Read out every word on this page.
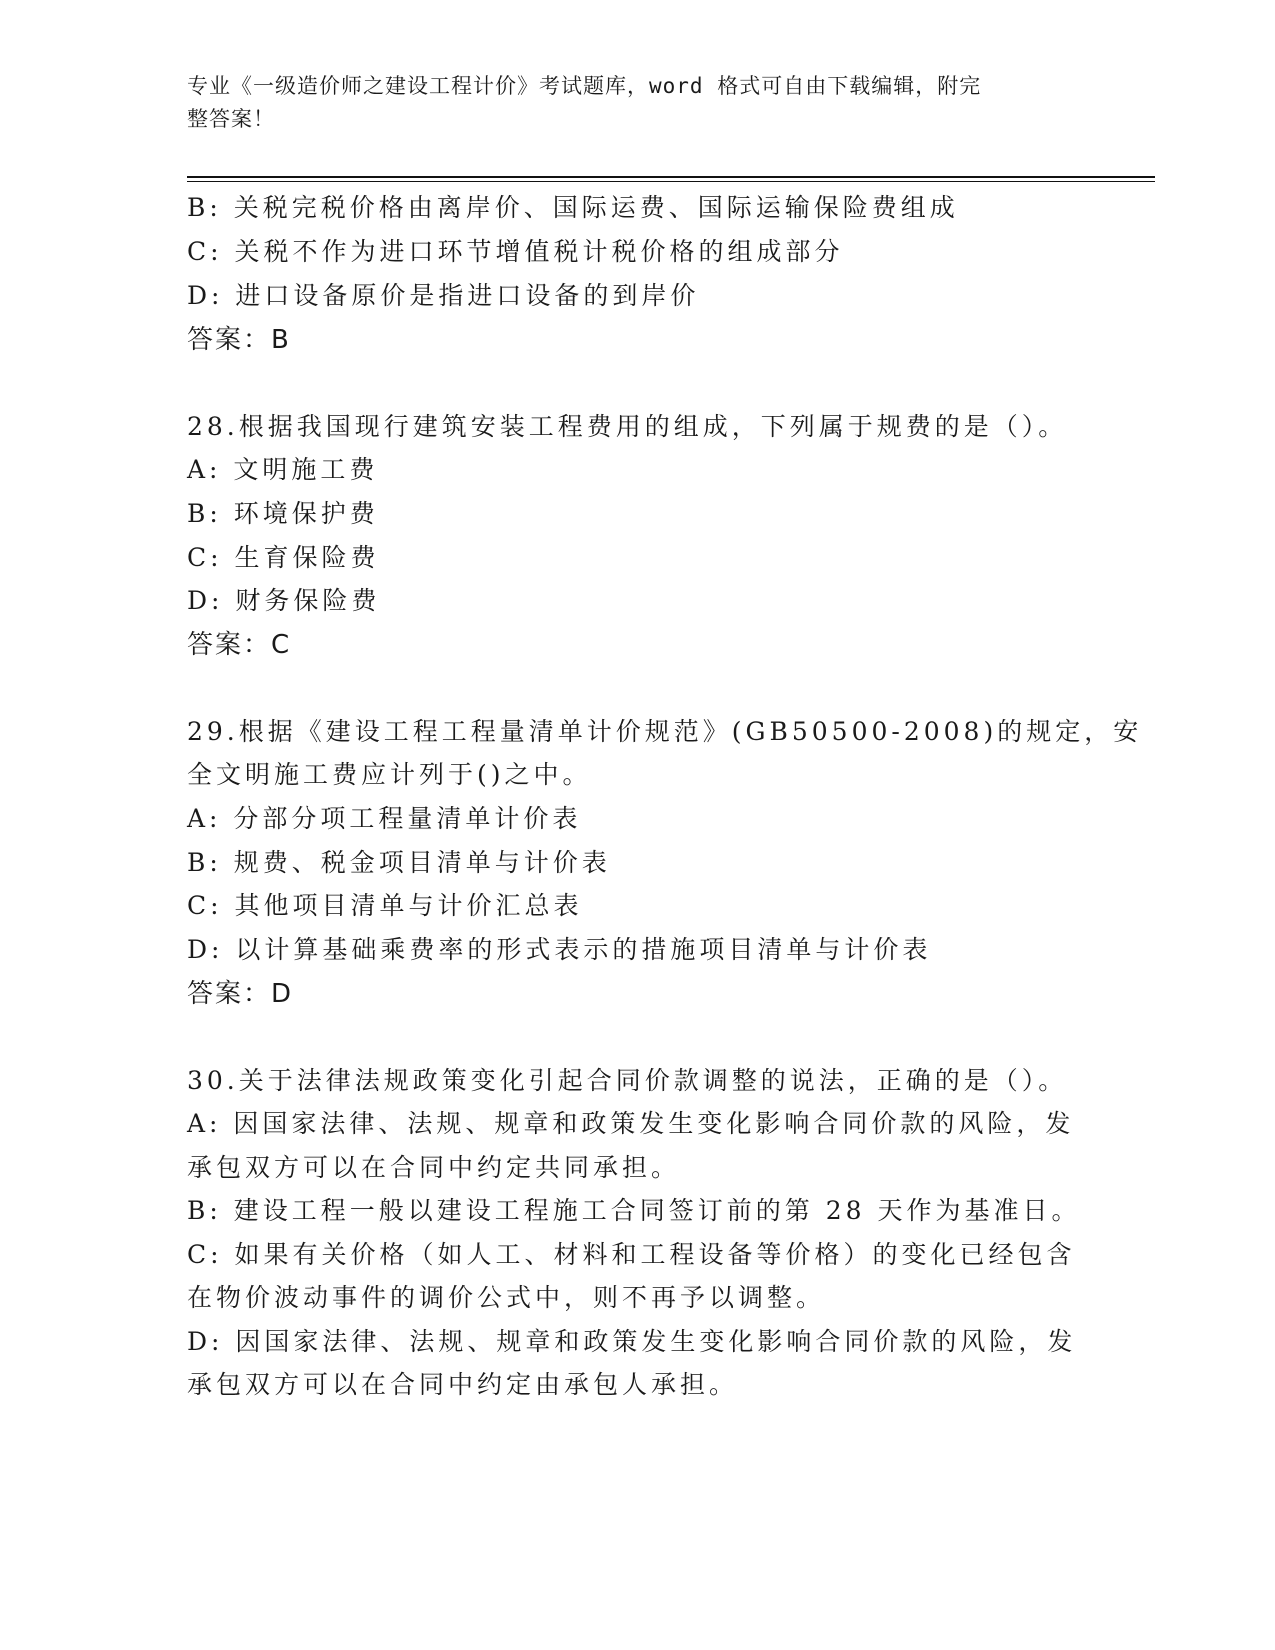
专业《一级造价师之建设工程计价》考试题库，word 格式可自由下载编辑，附完
整答案！
B: 关税完税价格由离岸价、国际运费、国际运输保险费组成
C: 关税不作为进口环节增值税计税价格的组成部分
D: 进口设备原价是指进口设备的到岸价
答案：B
28.根据我国现行建筑安装工程费用的组成，下列属于规费的是（）。
A: 文明施工费
B: 环境保护费
C: 生育保险费
D: 财务保险费
答案：C
29.根据《建设工程工程量清单计价规范》(GB50500-2008)的规定，安
全文明施工费应计列于()之中。
A: 分部分项工程量清单计价表
B: 规费、税金项目清单与计价表
C: 其他项目清单与计价汇总表
D: 以计算基础乘费率的形式表示的措施项目清单与计价表
答案：D
30.关于法律法规政策变化引起合同价款调整的说法，正确的是（）。
A: 因国家法律、法规、规章和政策发生变化影响合同价款的风险，发
承包双方可以在合同中约定共同承担。
B: 建设工程一般以建设工程施工合同签订前的第 28 天作为基准日。
C: 如果有关价格（如人工、材料和工程设备等价格）的变化已经包含
在物价波动事件的调价公式中，则不再予以调整。
D: 因国家法律、法规、规章和政策发生变化影响合同价款的风险，发
承包双方可以在合同中约定由承包人承担。
